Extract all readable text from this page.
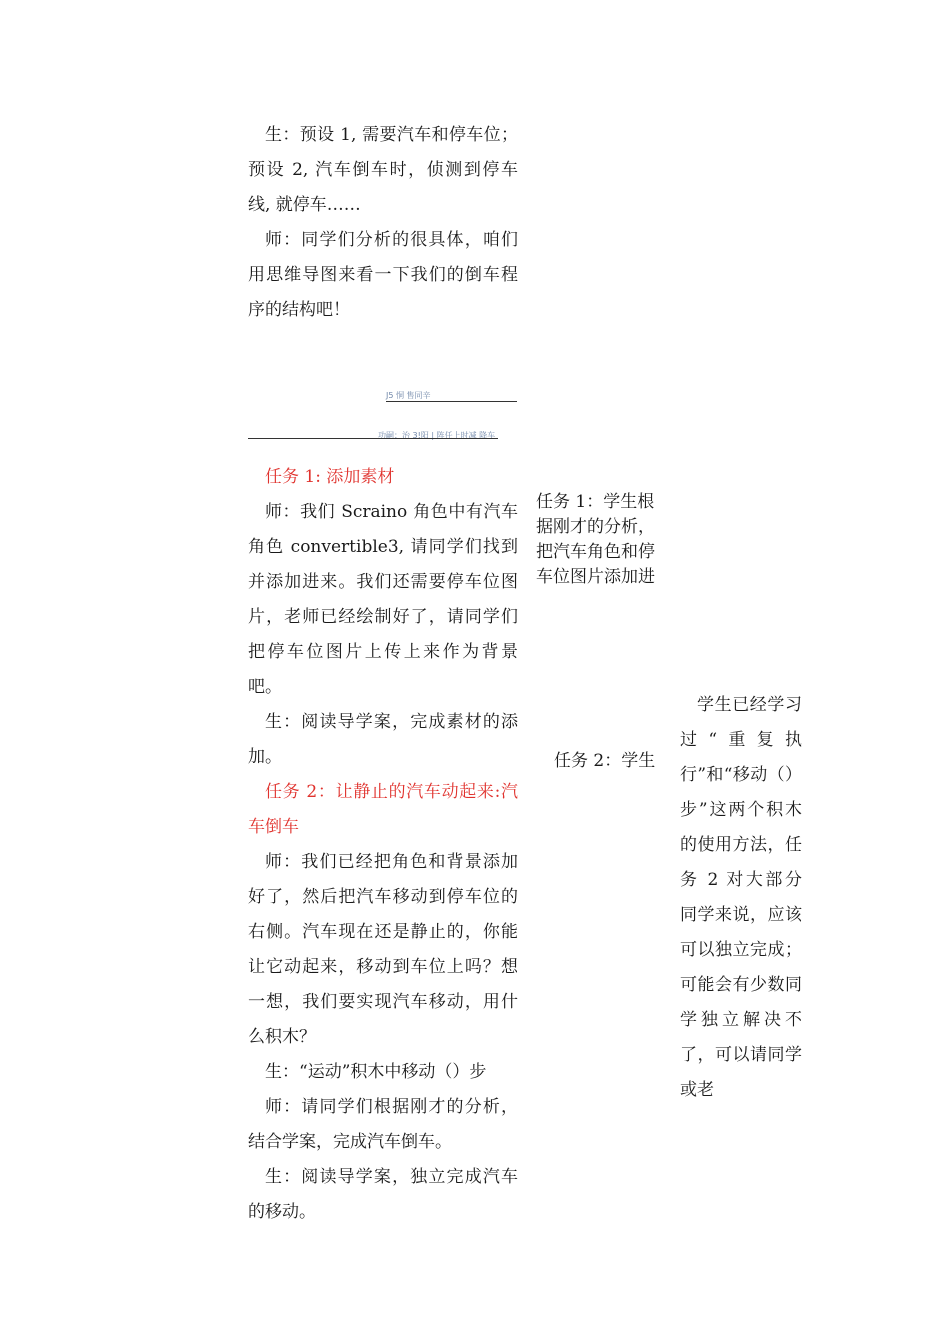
生：预设 1, 需要汽车和停车位；预设 2, 汽车倒车时，侦测到停车线, 就停车……

师：同学们分析的很具体，咱们用思维导图来看一下我们的倒车程序的结构吧！

J5 恫 售同辛
功嗣：治 3!阳 | 阵任上时减 降车

任务 1: 添加素材

师：我们 Scraino 角色中有汽车角色 convertible3, 请同学们找到并添加进来。我们还需要停车位图片，老师已经绘制好了，请同学们把停车位图片上传上来作为背景吧。

生：阅读导学案，完成素材的添加。

任务 2：让静止的汽车动起来:汽车倒车

师：我们已经把角色和背景添加好了，然后把汽车移动到停车位的右侧。汽车现在还是静止的，你能让它动起来，移动到车位上吗？想一想，我们要实现汽车移动，用什么积木？

生：“运动”积木中移动（）步

师：请同学们根据刚才的分析，结合学案，完成汽车倒车。

生：阅读导学案，独立完成汽车的移动。

任务 1：学生根据刚才的分析，把汽车角色和停车位图片添加进

任务 2：学生

学生已经学习过“重复执行”和“移动（）步”这两个积木的使用方法，任务 2 对大部分同学来说，应该可以独立完成；可能会有少数同学独立解决不了，可以请同学或老
